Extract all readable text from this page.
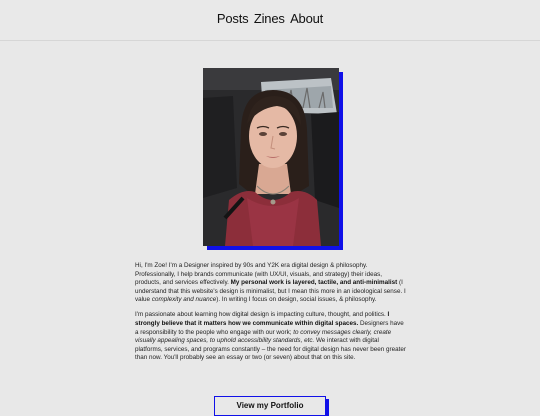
Posts Zines About

Hi, I'm Zoe! I'm a Designer inspired by 90s and Y2K era digital design & philosophy. Professionally, I help brands communicate (with UX/UI, visuals, and strategy) their ideas, products, and services effectively. My personal work is layered, tactile, and anti-minimalist (I understand that this website's design is minimalist, but I mean this more in an ideological sense. I value complexity and nuance). In writing I focus on design, social issues, & philosophy.

I'm passionate about learning how digital design is impacting culture, thought, and politics. I strongly believe that it matters how we communicate within digital spaces. Designers have a responsibility to the people who engage with our work; to convey messages clearly, create visually appealing spaces, to uphold accessibility standards, etc. We interact with digital platforms, services, and programs constantly – the need for digital design has never been greater than now. You'll probably see an essay or two (or seven) about that on this site.

View my Portfolio
